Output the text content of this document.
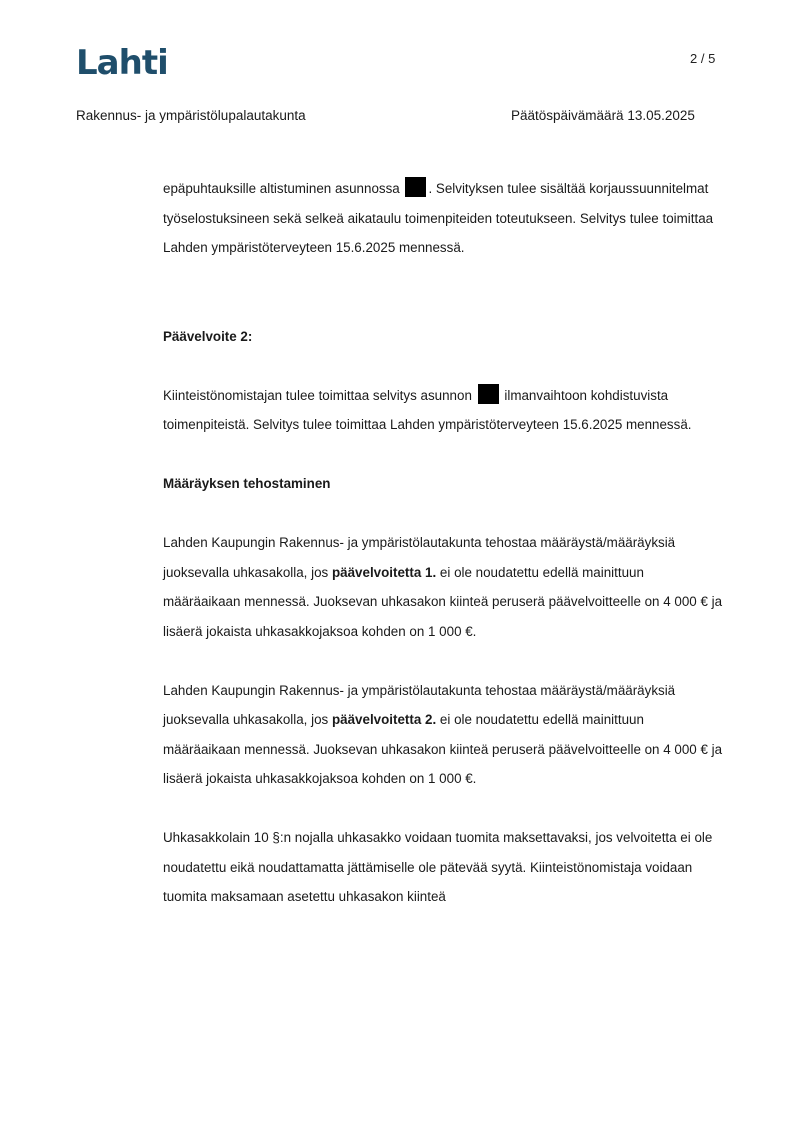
Lahti	2 / 5
Rakennus- ja ympäristölupalautakunta	Päätöspäivämäärä 13.05.2025

epäpuhtauksille altistuminen asunnossa . Selvityksen tulee sisältää korjaussuunnitelmat työselostuksineen sekä selkeä aikataulu toimenpiteiden toteutukseen. Selvitys tulee toimittaa Lahden ympäristöterveyteen 15.6.2025 mennessä.

Päävelvoite 2:

Kiinteistönomistajan tulee toimittaa selvitys asunnon ilmanvaihtoon kohdistuvista toimenpiteistä. Selvitys tulee toimittaa Lahden ympäristöterveyteen 15.6.2025 mennessä.

Määräyksen tehostaminen

Lahden Kaupungin Rakennus- ja ympäristölautakunta tehostaa määräystä/määräyksiä juoksevalla uhkasakolla, jos päävelvoitetta 1. ei ole noudatettu edellä mainittuun määräaikaan mennessä. Juoksevan uhkasakon kiinteä peruserä päävelvoitteelle on 4 000 € ja lisäerä jokaista uhkasakkojaksoa kohden on 1 000 €.

Lahden Kaupungin Rakennus- ja ympäristölautakunta tehostaa määräystä/määräyksiä juoksevalla uhkasakolla, jos päävelvoitetta 2. ei ole noudatettu edellä mainittuun määräaikaan mennessä. Juoksevan uhkasakon kiinteä peruserä päävelvoitteelle on 4 000 € ja lisäerä jokaista uhkasakkojaksoa kohden on 1 000 €.

Uhkasakkolain 10 §:n nojalla uhkasakko voidaan tuomita maksettavaksi, jos velvoitetta ei ole noudatettu eikä noudattamatta jättämiselle ole pätevää syytä. Kiinteistönomistaja voidaan tuomita maksamaan asetettu uhkasakon kiinteä
